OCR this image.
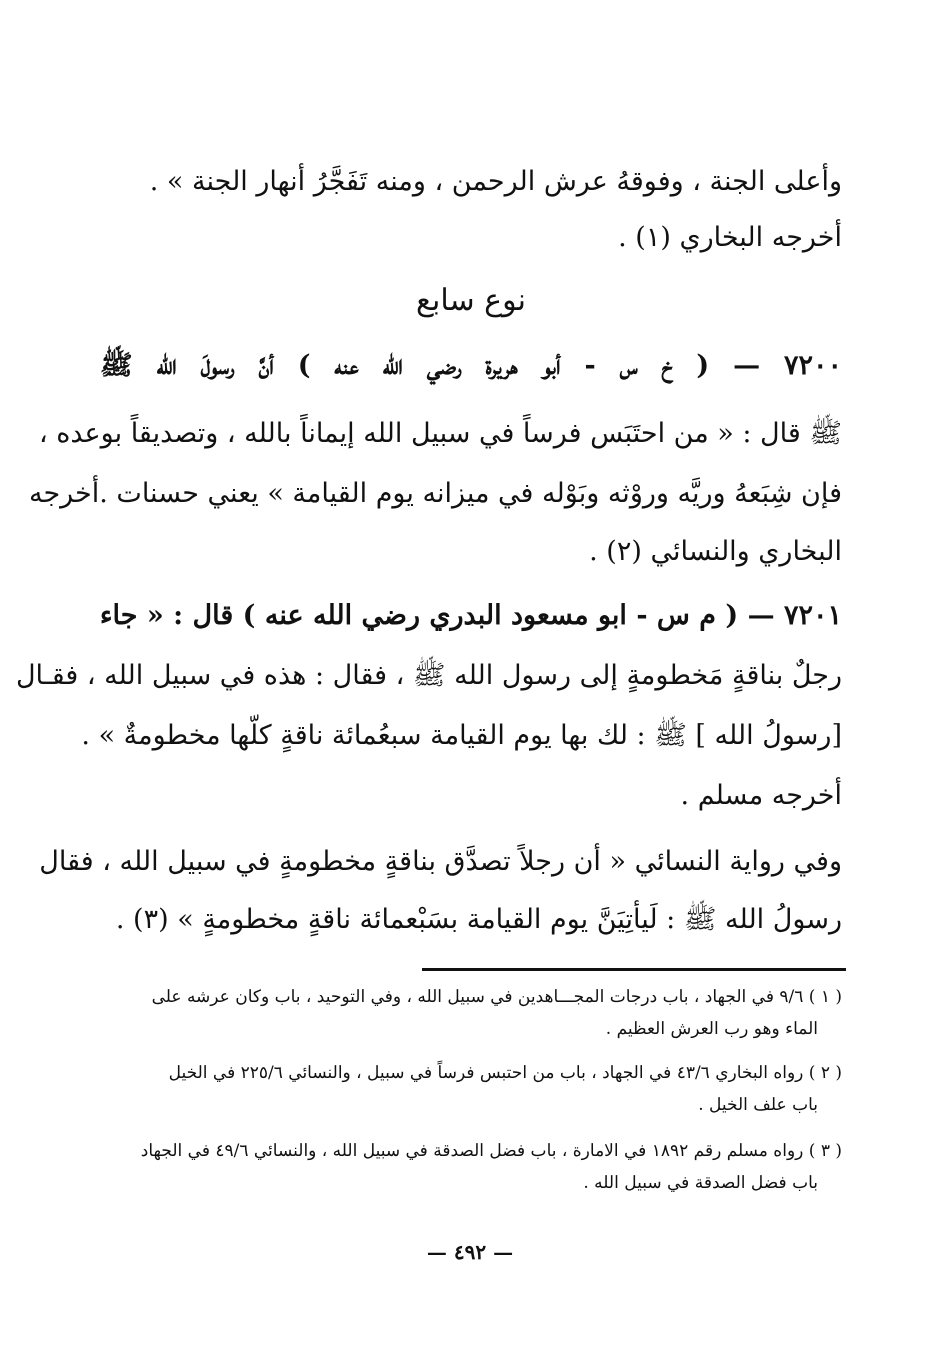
وأعلى الجنة ، وفوقهُ عرش الرحمن ، ومنه تَفَجَّرُ أنهار الجنة » .
أخرجه البخاري (١) .
نوع سابع
٧٢٠٠ — ( خ س - أبو هريرة رضي الله عنه ) أنَّ رسولَ الله ﷺ
ﷺ قال : « من احتَبَس فرساً في سبيل الله إيماناً بالله ، وتصديقاً بوعده ،
فإن شِبَعهُ وريَّه وروْثه وبَوْله في ميزانه يوم القيامة » يعني حسنات .أخرجه
البخاري والنسائي (٢) .
٧٢٠١ — ( م س - ابو مسعود البدري رضي الله عنه ) قال : « جاء
رجلٌ بناقةٍ مَخطومةٍ إلى رسول الله ﷺ ، فقال : هذه في سبيل الله ، فقـال
[رسولُ الله ] ﷺ : لك بها يوم القيامة سبعُمائة ناقةٍ كلّها مخطومةٌ » .
أخرجه مسلم .
وفي رواية النسائي « أن رجلاً تصدَّق بناقةٍ مخطومةٍ في سبيل الله ، فقال
رسولُ الله ﷺ : لَيأتِيَنَّ يوم القيامة بسَبْعمائة ناقةٍ مخطومةٍ » (٣) .
( ١ ) ٩/٦ في الجهاد ، باب درجات المجـــاهدين في سبيل الله ، وفي التوحيد ، باب وكان عرشه على
الماء وهو رب العرش العظيم .
( ٢ ) رواه البخاري ٤٣/٦ في الجهاد ، باب من احتبس فرساً في سبيل ، والنسائي ٢٢٥/٦ في الخيل
باب علف الخيل .
( ٣ ) رواه مسلم رقم ١٨٩٢ في الامارة ، باب فضل الصدقة في سبيل الله ، والنسائي ٤٩/٦ في الجهاد
باب فضل الصدقة في سبيل الله .
— ٤٩٢ —
